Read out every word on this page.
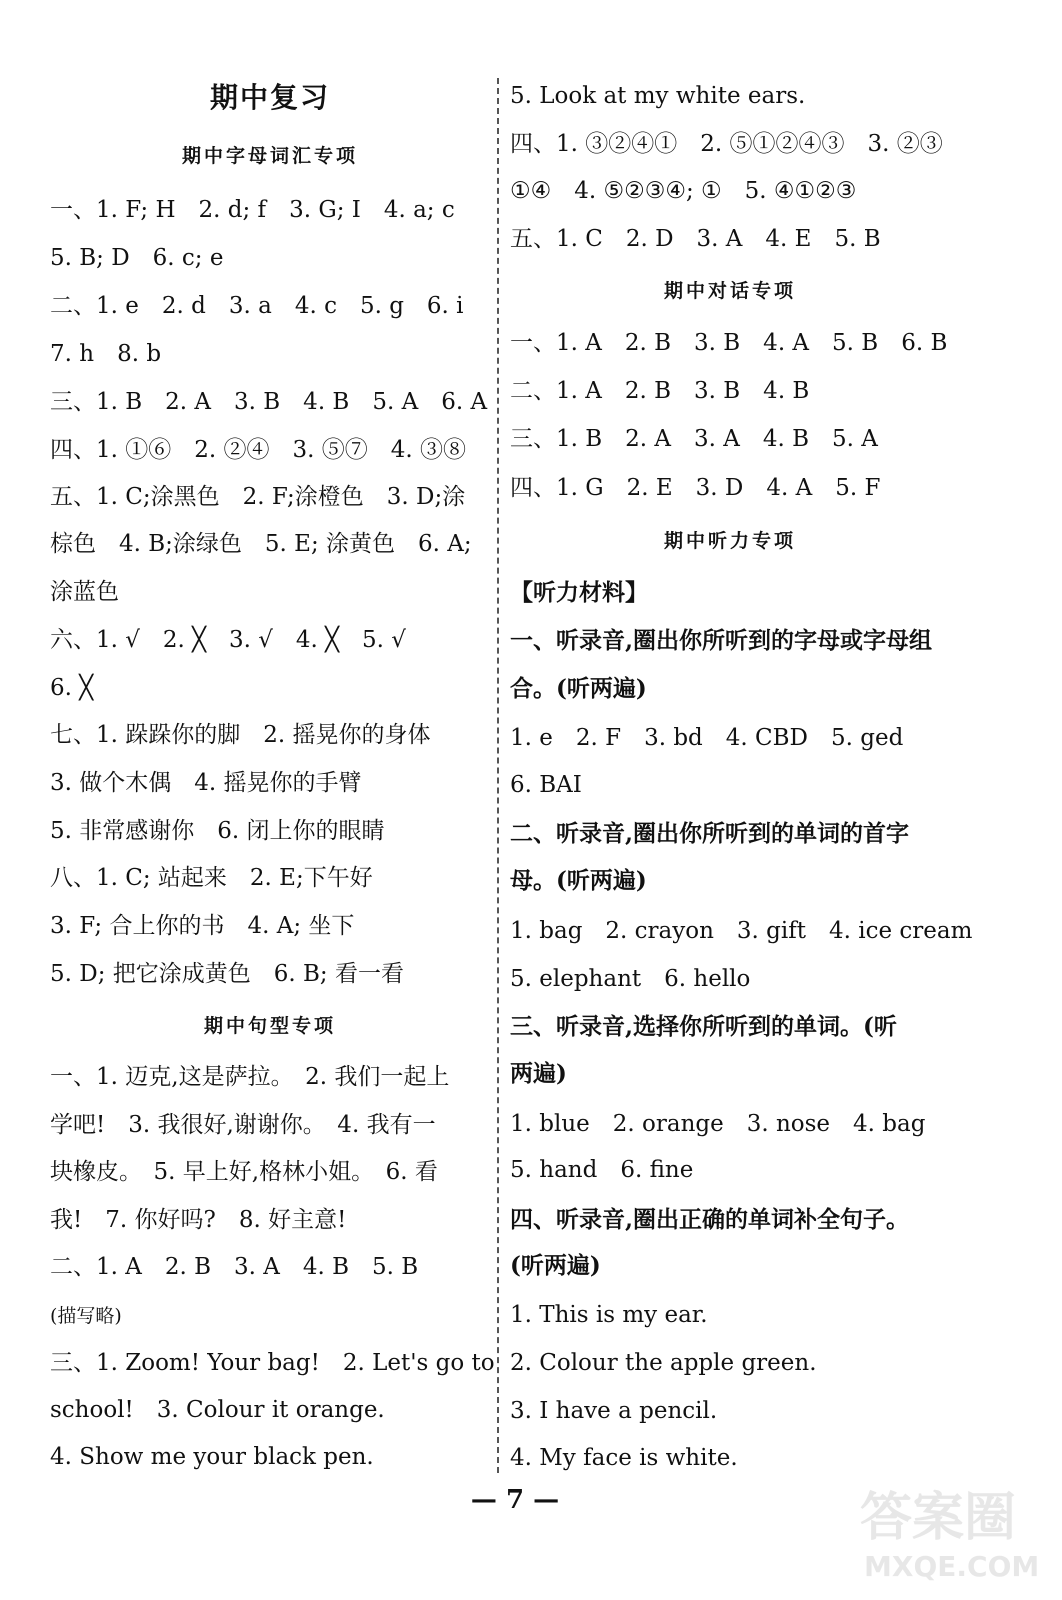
期中复习
期中字母词汇专项
一、1. F; H　2. d; f　3. G; I　4. a; c
5. B; D　6. c; e
二、1. e　2. d　3. a　4. c　5. g　6. i
7. h　8. b
三、1. B　2. A　3. B　4. B　5. A　6. A
四、1. ①⑥　2. ②④　3. ⑤⑦　4. ③⑧
五、1. C;涂黑色　2. F;涂橙色　3. D;涂
棕色　4. B;涂绿色　5. E; 涂黄色　6. A;
涂蓝色
六、1. √　2. ╳　3. √　4. ╳　5. √
6. ╳
七、1. 跺跺你的脚　2. 摇晃你的身体
3. 做个木偶　4. 摇晃你的手臂
5. 非常感谢你　6. 闭上你的眼睛
八、1. C; 站起来　2. E;下午好
3. F; 合上你的书　4. A; 坐下
5. D; 把它涂成黄色　6. B; 看一看
期中句型专项
一、1. 迈克,这是萨拉。　2. 我们一起上
学吧!　3. 我很好,谢谢你。　4. 我有一
块橡皮。　5. 早上好,格林小姐。　6. 看
我!　7. 你好吗?　8. 好主意!
二、1. A　2. B　3. A　4. B　5. B
(描写略)
三、1. Zoom! Your bag!　2. Let's go to
school!　3. Colour it orange.
4. Show me your black pen.
5. Look at my white ears.
四、1. ③②④①　2. ⑤①②④③　3. ②③
①④　4. ⑤②③④; ①　5. ④①②③
五、1. C　2. D　3. A　4. E　5. B
期中对话专项
一、1. A　2. B　3. B　4. A　5. B　6. B
二、1. A　2. B　3. B　4. B
三、1. B　2. A　3. A　4. B　5. A
四、1. G　2. E　3. D　4. A　5. F
期中听力专项
【听力材料】
一、听录音,圈出你所听到的字母或字母组
合。(听两遍)
1. e　2. F　3. bd　4. CBD　5. ged
6. BAI
二、听录音,圈出你所听到的单词的首字
母。(听两遍)
1. bag　2. crayon　3. gift　4. ice cream
5. elephant　6. hello
三、听录音,选择你所听到的单词。(听
两遍)
1. blue　2. orange　3. nose　4. bag
5. hand　6. fine
四、听录音,圈出正确的单词补全句子。
(听两遍)
1. This is my ear.
2. Colour the apple green.
3. I have a pencil.
4. My face is white.
— 7 —	答案圈
MXQE.COM
